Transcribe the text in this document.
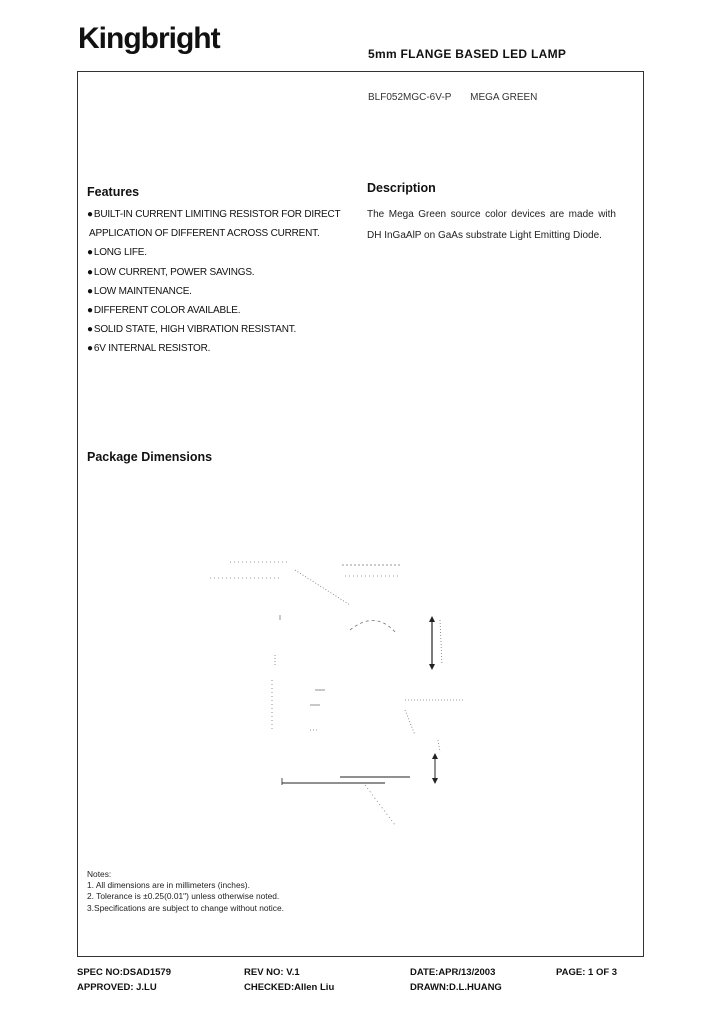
Kingbright	5mm FLANGE BASED LED LAMP
BLF052MGC-6V-P MEGA GREEN
Features
●BUILT-IN CURRENT LIMITING RESISTOR FOR DIRECT
APPLICATION OF DIFFERENT ACROSS CURRENT.
●LONG LIFE.
●LOW CURRENT, POWER SAVINGS.
●LOW MAINTENANCE.
●DIFFERENT COLOR AVAILABLE.
●SOLID STATE, HIGH VIBRATION RESISTANT.
●6V INTERNAL RESISTOR.
Description
The Mega Green source color devices are made with DH InGaAlP on GaAs substrate Light Emitting Diode.
Package Dimensions
Notes:
1. All dimensions are in millimeters (inches).
2. Tolerance is ±0.25(0.01") unless otherwise noted.
3.Specifications are subject to change without notice.
SPEC NO:DSAD1579	REV NO: V.1	DATE:APR/13/2003	PAGE: 1 OF 3
APPROVED: J.LU	CHECKED:Allen Liu	DRAWN:D.L.HUANG
